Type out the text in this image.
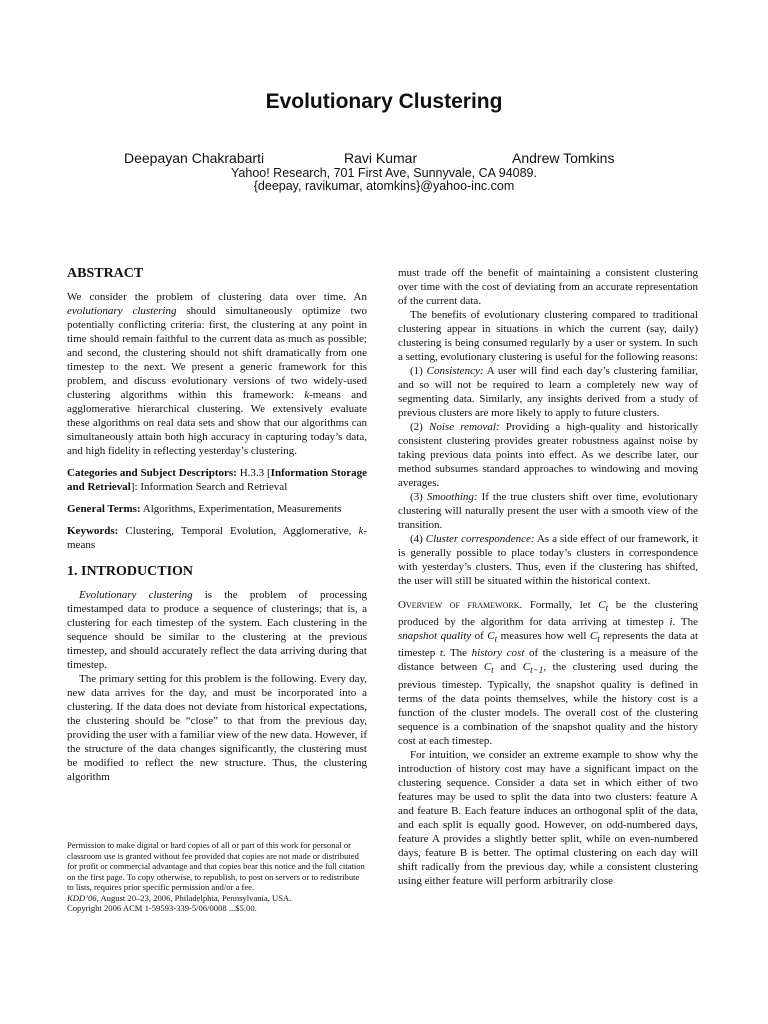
Evolutionary Clustering
Deepayan Chakrabarti	Ravi Kumar	Andrew Tomkins
Yahoo! Research, 701 First Ave, Sunnyvale, CA 94089.
{deepay, ravikumar, atomkins}@yahoo-inc.com
ABSTRACT

We consider the problem of clustering data over time. An evolutionary clustering should simultaneously optimize two potentially conflicting criteria: first, the clustering at any point in time should remain faithful to the current data as much as possible; and second, the clustering should not shift dramatically from one timestep to the next. We present a generic framework for this problem, and discuss evolutionary versions of two widely-used clustering algorithms within this framework: k-means and agglomerative hierarchical clustering. We extensively evaluate these algorithms on real data sets and show that our algorithms can simultaneously attain both high accuracy in capturing today’s data, and high fidelity in reflecting yesterday’s clustering.

Categories and Subject Descriptors: H.3.3 [Information Storage and Retrieval]: Information Search and Retrieval

General Terms: Algorithms, Experimentation, Measurements

Keywords: Clustering, Temporal Evolution, Agglomerative, k-means

1. INTRODUCTION

Evolutionary clustering is the problem of processing timestamped data to produce a sequence of clusterings; that is, a clustering for each timestep of the system. Each clustering in the sequence should be similar to the clustering at the previous timestep, and should accurately reflect the data arriving during that timestep.

The primary setting for this problem is the following. Every day, new data arrives for the day, and must be incorporated into a clustering. If the data does not deviate from historical expectations, the clustering should be “close” to that from the previous day, providing the user with a familiar view of the new data. However, if the structure of the data changes significantly, the clustering must be modified to reflect the new structure. Thus, the clustering algorithm

Permission to make digital or hard copies of all or part of this work for personal or classroom use is granted without fee provided that copies are not made or distributed for profit or commercial advantage and that copies bear this notice and the full citation on the first page. To copy otherwise, to republish, to post on servers or to redistribute to lists, requires prior specific permission and/or a fee.

KDD’06, August 20–23, 2006, Philadelphia, Pennsylvania, USA.

Copyright 2006 ACM 1-59593-339-5/06/0008 ...$5.00.

must trade off the benefit of maintaining a consistent clustering over time with the cost of deviating from an accurate representation of the current data.

The benefits of evolutionary clustering compared to traditional clustering appear in situations in which the current (say, daily) clustering is being consumed regularly by a user or system. In such a setting, evolutionary clustering is useful for the following reasons:

(1) Consistency: A user will find each day’s clustering familiar, and so will not be required to learn a completely new way of segmenting data. Similarly, any insights derived from a study of previous clusters are more likely to apply to future clusters.

(2) Noise removal: Providing a high-quality and historically consistent clustering provides greater robustness against noise by taking previous data points into effect. As we describe later, our method subsumes standard approaches to windowing and moving averages.

(3) Smoothing: If the true clusters shift over time, evolutionary clustering will naturally present the user with a smooth view of the transition.

(4) Cluster correspondence: As a side effect of our framework, it is generally possible to place today’s clusters in correspondence with yesterday’s clusters. Thus, even if the clustering has shifted, the user will still be situated within the historical context.

Overview of framework. Formally, let $C_t$ be the clustering produced by the algorithm for data arriving at timestep i. The snapshot quality of $C_t$ measures how well $C_t$ represents the data at timestep t. The history cost of the clustering is a measure of the distance between $C_t$ and $C_{t-1}$, the clustering used during the previous timestep. Typically, the snapshot quality is defined in terms of the data points themselves, while the history cost is a function of the cluster models. The overall cost of the clustering sequence is a combination of the snapshot quality and the history cost at each timestep.

For intuition, we consider an extreme example to show why the introduction of history cost may have a significant impact on the clustering sequence. Consider a data set in which either of two features may be used to split the data into two clusters: feature A and feature B. Each feature induces an orthogonal split of the data, and each split is equally good. However, on odd-numbered days, feature A provides a slightly better split, while on even-numbered days, feature B is better. The optimal clustering on each day will shift radically from the previous day, while a consistent clustering using either feature will perform arbitrarily close
